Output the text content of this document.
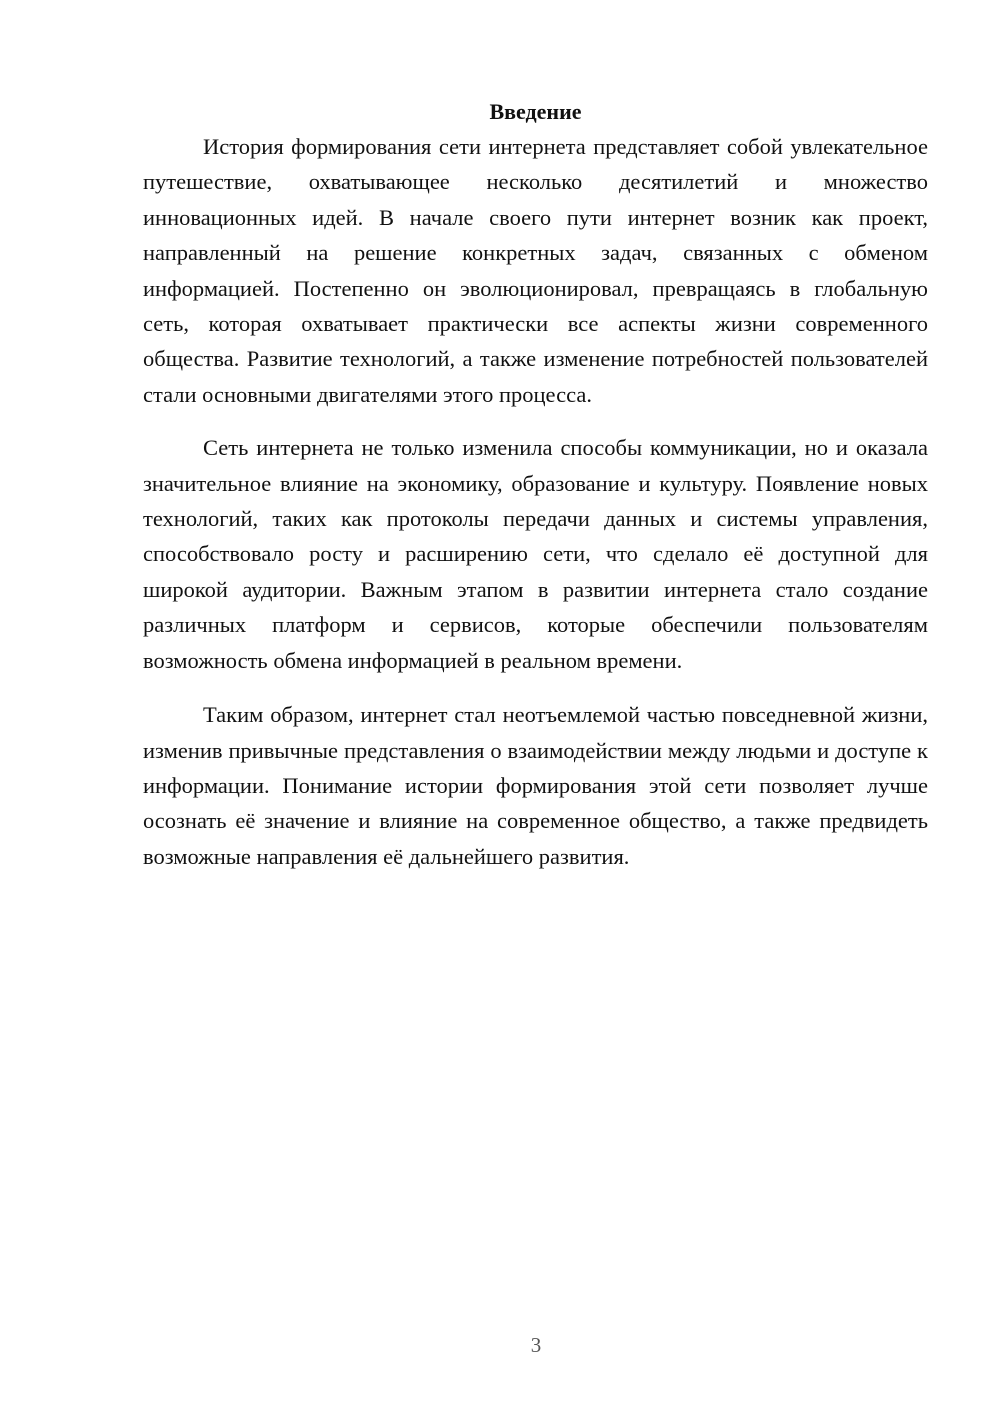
Введение

История формирования сети интернета представляет собой увлекательное путешествие, охватывающее несколько десятилетий и множество инновационных идей. В начале своего пути интернет возник как проект, направленный на решение конкретных задач, связанных с обменом информацией. Постепенно он эволюционировал, превращаясь в глобальную сеть, которая охватывает практически все аспекты жизни современного общества. Развитие технологий, а также изменение потребностей пользователей стали основными двигателями этого процесса.

Сеть интернета не только изменила способы коммуникации, но и оказала значительное влияние на экономику, образование и культуру. Появление новых технологий, таких как протоколы передачи данных и системы управления, способствовало росту и расширению сети, что сделало её доступной для широкой аудитории. Важным этапом в развитии интернета стало создание различных платформ и сервисов, которые обеспечили пользователям возможность обмена информацией в реальном времени.

Таким образом, интернет стал неотъемлемой частью повседневной жизни, изменив привычные представления о взаимодействии между людьми и доступе к информации. Понимание истории формирования этой сети позволяет лучше осознать её значение и влияние на современное общество, а также предвидеть возможные направления её дальнейшего развития.

3
